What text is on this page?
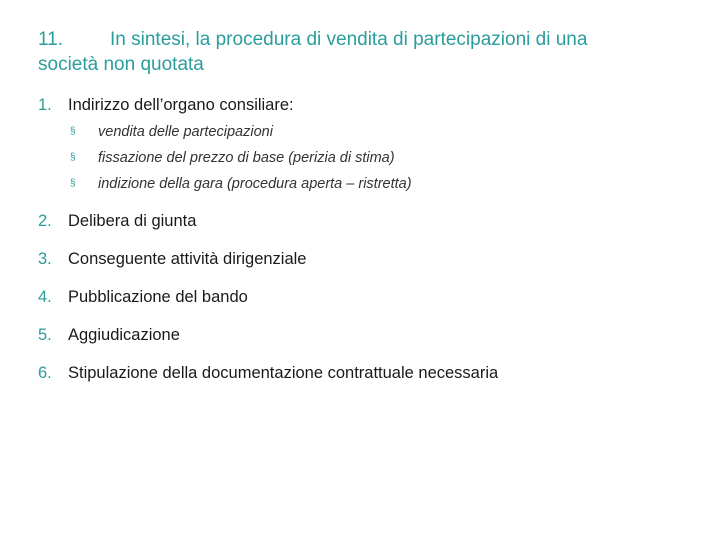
11. In sintesi, la procedura di vendita di partecipazioni di una
società non quotata
1. Indirizzo dell’organo consiliare:
§ vendita delle partecipazioni
§ fissazione del prezzo di base (perizia di stima)
§ indizione della gara (procedura aperta – ristretta)
2. Delibera di giunta
3. Conseguente attività dirigenziale
4. Pubblicazione del bando
5. Aggiudicazione
6. Stipulazione della documentazione contrattuale necessaria
